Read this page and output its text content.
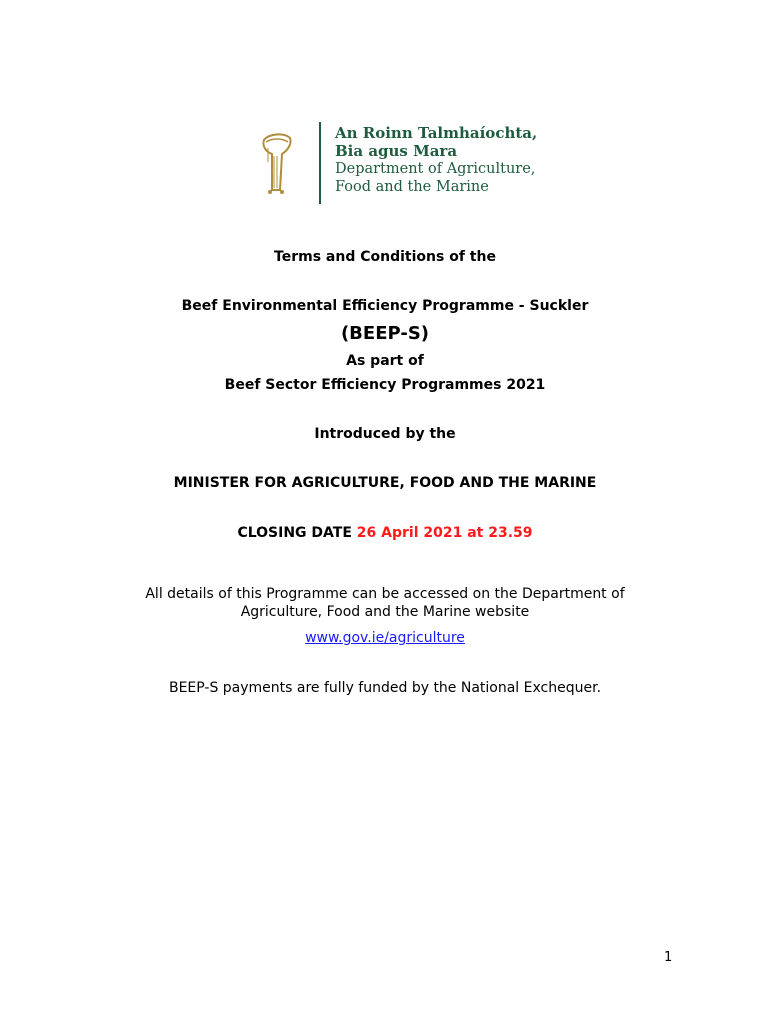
An Roinn Talmhaíochta,
Bia agus Mara
Department of Agriculture,
Food and the Marine
Terms and Conditions of the
Beef Environmental Efficiency Programme - Suckler
(BEEP-S)
As part of
Beef Sector Efficiency Programmes 2021
Introduced by the
MINISTER FOR AGRICULTURE, FOOD AND THE MARINE
CLOSING DATE 26 April 2021 at 23.59
All details of this Programme can be accessed on the Department of
Agriculture, Food and the Marine website
www.gov.ie/agriculture
BEEP-S payments are fully funded by the National Exchequer.
1
